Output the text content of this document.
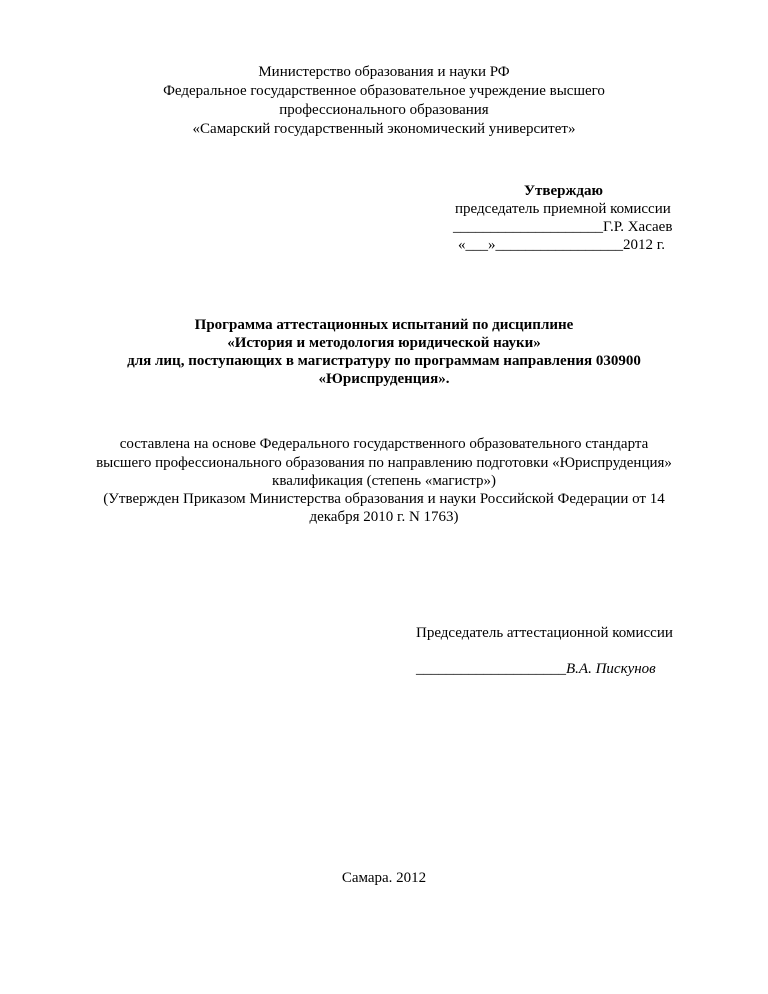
Министерство образования и науки РФ
Федеральное государственное образовательное учреждение высшего
профессионального образования
«Самарский государственный экономический университет»
Утверждаю
председатель приемной комиссии
____________________Г.Р. Хасаев
«___»_________________2012 г.
Программа аттестационных испытаний по дисциплине
«История и методология юридической науки»
для лиц, поступающих в магистратуру по программам направления 030900
«Юриспруденция».
составлена на основе Федерального государственного образовательного стандарта
высшего профессионального образования по направлению подготовки «Юриспруденция»
квалификация (степень «магистр»)
(Утвержден Приказом Министерства образования и науки Российской Федерации от 14
декабря 2010 г. N 1763)
Председатель аттестационной комиссии
____________________В.А. Пискунов
Самара. 2012
